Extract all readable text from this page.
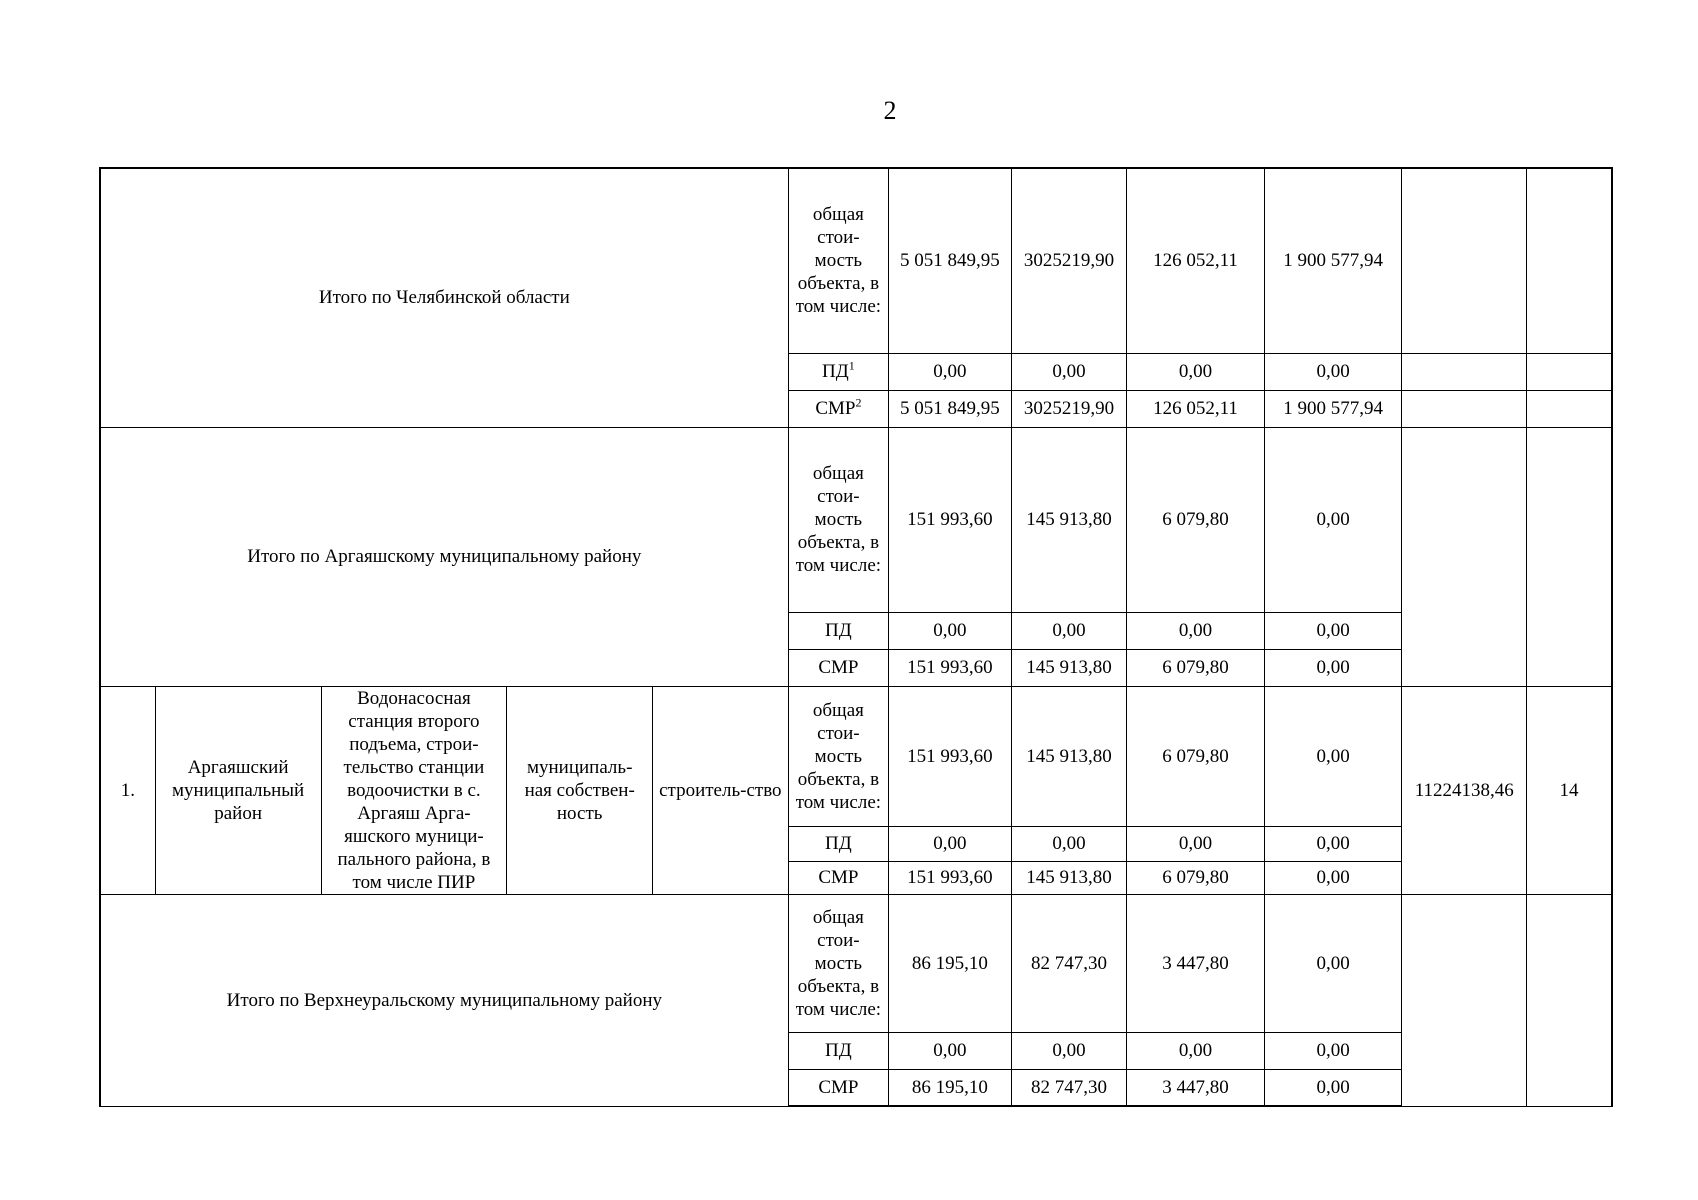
2
Итого по Челябинской области					общая стои-мость объекта, в том числе:	5 051 849,95	3025219,90	126 052,11	1 900 577,94		
					$ПД^1$	0,00	0,00	0,00	0,00		
					СМР$^2$	5 051 849,95	3025219,90	126 052,11	1 900 577,94		
Итого по Аргаяшскому муниципальному району					общая стои-мость объекта, в том числе:	151 993,60	145 913,80	6 079,80	0,00		
					ПД	0,00	0,00	0,00	0,00		
					СМР	151 993,60	145 913,80	6 079,80	0,00		
1.	Аргаяшский муниципальный район	Водонасосная станция второго подъема, строи-тельство станции водоочистки в с. Аргаяш Арга-яшского муници-пального района, в том числе ПИР	муниципаль-ная собствен-ность	строитель-ство	общая стои-мость объекта, в том числе:	151 993,60	145 913,80	6 079,80	0,00	11224138,46	14
					ПД	0,00	0,00	0,00	0,00		
					СМР	151 993,60	145 913,80	6 079,80	0,00		
Итого по Верхнеуральскому муниципальному району					общая стои-мость объекта, в том числе:	86 195,10	82 747,30	3 447,80	0,00		
					ПД	0,00	0,00	0,00	0,00		
					СМР	86 195,10	82 747,30	3 447,80	0,00		
